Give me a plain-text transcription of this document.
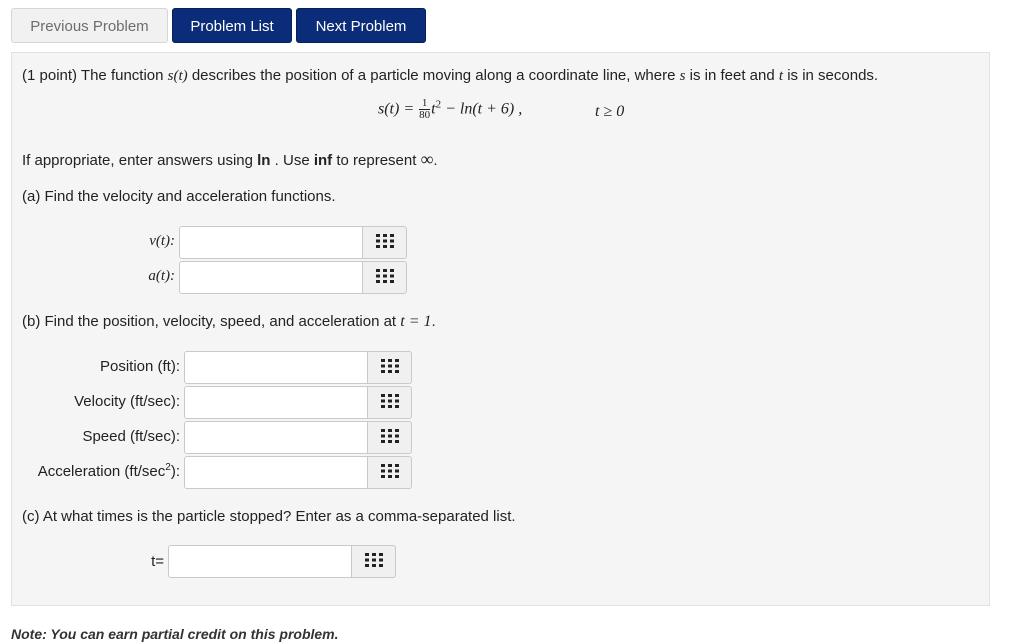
Previous Problem	Problem List	Next Problem
(1 point) The function s(t) describes the position of a particle moving along a coordinate line, where s is in feet and t is in seconds.
$s(t) = \frac{1}{80} t^2 - \ln(t + 6)$ ,	t ≥ 0
If appropriate, enter answers using ln . Use inf to represent ∞.
(a) Find the velocity and acceleration functions.
v(t):
a(t):
(b) Find the position, velocity, speed, and acceleration at t = 1.
Position (ft):
Velocity (ft/sec):
Speed (ft/sec):
Acceleration $(ft/\sec^2)$:
(c) At what times is the particle stopped? Enter as a comma-separated list.
t=
Note: You can earn partial credit on this problem.
